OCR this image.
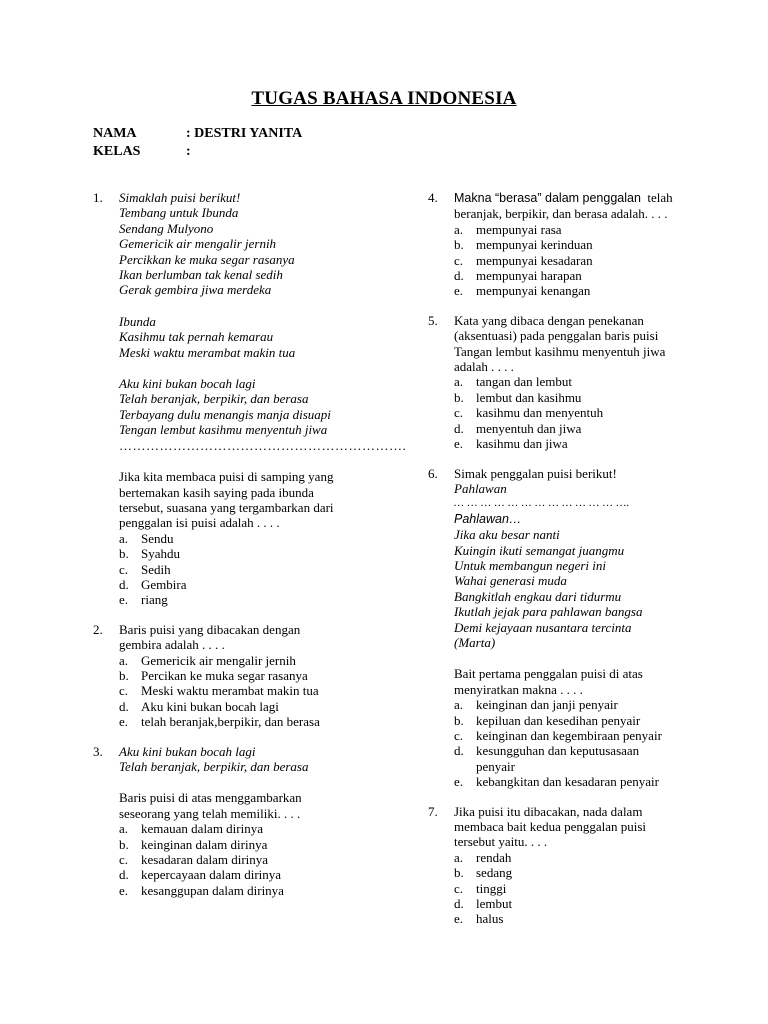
TUGAS BAHASA INDONESIA
NAMA	: DESTRI YANITA
KELAS	:
1. Simaklah puisi berikut!
Tembang untuk Ibunda
Sendang Mulyono
Gemericik air mengalir jernih
Percikkan ke muka segar rasanya
Ikan berlumban tak kenal sedih
Gerak gembira jiwa merdeka
Ibunda
Kasihmu tak pernah kemarau
Meski waktu merambat makin tua
Aku kini bukan bocah lagi
Telah beranjak, berpikir, dan berasa
Terbayang dulu menangis manja disuapi
Tengan lembut kasihmu menyentuh jiwa
……………………………………………………….
Jika kita membaca puisi di samping yang
bertemakan kasih saying pada ibunda
tersebut, suasana yang tergambarkan dari
penggalan isi puisi adalah . . . .
a. Sendu
b. Syahdu
c. Sedih
d. Gembira
e. riang
2. Baris puisi yang dibacakan dengan
gembira adalah . . . .
a. Gemericik air mengalir jernih
b. Percikan ke muka segar rasanya
c. Meski waktu merambat makin tua
d. Aku kini bukan bocah lagi
e. telah beranjak,berpikir, dan berasa
3. Aku kini bukan bocah lagi
Telah beranjak, berpikir, dan berasa
Baris puisi di atas menggambarkan
seseorang yang telah memiliki. . . .
a. kemauan dalam dirinya
b. keinginan dalam dirinya
c. kesadaran dalam dirinya
d. kepercayaan dalam dirinya
e. kesanggupan dalam dirinya
4. Makna “berasa” dalam penggalan telah
beranjak, berpikir, dan berasa adalah. . . .
a. mempunyai rasa
b. mempunyai kerinduan
c. mempunyai kesadaran
d. mempunyai harapan
e. mempunyai kenangan
5. Kata yang dibaca dengan penekanan
(aksentuasi) pada penggalan baris puisi
Tangan lembut kasihmu menyentuh jiwa
adalah . . . .
a. tangan dan lembut
b. lembut dan kasihmu
c. kasihmu dan menyentuh
d. menyentuh dan jiwa
e. kasihmu dan jiwa
6. Simak penggalan puisi berikut!
Pahlawan
… … … … … … … … … … … … ….
Pahlawan…
Jika aku besar nanti
Kuingin ikuti semangat juangmu
Untuk membangun negeri ini
Wahai generasi muda
Bangkitlah engkau dari tidurmu
Ikutlah jejak para pahlawan bangsa
Demi kejayaan nusantara tercinta
(Marta)
Bait pertama penggalan puisi di atas
menyiratkan makna . . . .
a. keinginan dan janji penyair
b. kepiluan dan kesedihan penyair
c. keinginan dan kegembiraan penyair
d. kesungguhan dan keputusasaan
penyair
e. kebangkitan dan kesadaran penyair
7. Jika puisi itu dibacakan, nada dalam
membaca bait kedua penggalan puisi
tersebut yaitu. . . .
a. rendah
b. sedang
c. tinggi
d. lembut
e. halus
